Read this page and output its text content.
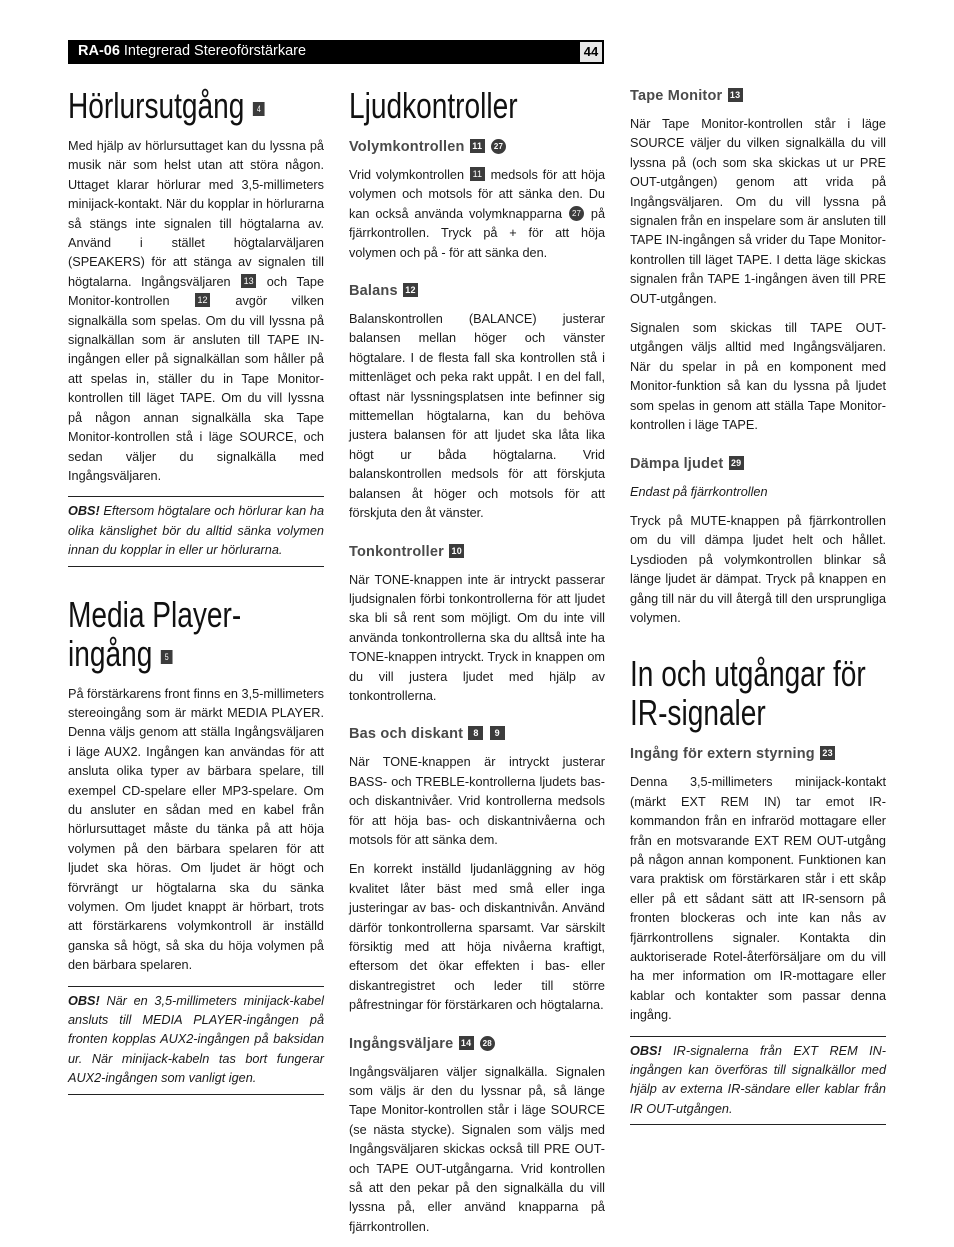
RA-06 Integrerad Stereoförstärkare	44
Hörlursutgång 4

Med hjälp av hörlursuttaget kan du lyssna på musik när som helst utan att störa någon. Uttaget klarar hörlurar med 3,5-millimeters minijack-kontakt. När du kopplar in hörlurarna så stängs inte signalen till högtalarna av. Använd i stället högtalarväljaren (SPEAKERS) för att stänga av signalen till högtalarna. Ingångsväljaren 13 och Tape Monitor-kontrollen	12 avgör vilken signalkälla som spelas. Om du vill lyssna på signalkällan som är ansluten till TAPE IN-ingången eller på signalkällan som håller på att spelas in, ställer du in Tape Monitor-kontrollen till läget TAPE. Om du vill lyssna på någon annan signalkälla ska Tape Monitor-kontrollen stå i läge SOURCE, och sedan väljer du signalkälla med Ingångsväljaren.

OBS! Eftersom högtalare och hörlurar kan ha olika känslighet bör du alltid sänka volymen innan du kopplar in eller ur hörlurarna.

Media Player-ingång 5

På förstärkarens front finns en 3,5-millimeters stereoingång som är märkt MEDIA PLAYER. Denna väljs genom att ställa Ingångsväljaren i läge AUX2. Ingången kan användas för att ansluta olika typer av bärbara spelare, till exempel CD-spelare eller MP3-spelare. Om du ansluter en sådan med en kabel från hörlursuttaget måste du tänka på att höja volymen på den bärbara spelaren för att ljudet ska höras. Om ljudet är högt och förvrängt ur högtalarna ska du sänka volymen. Om ljudet knappt är hörbart, trots att förstärkarens volymkontroll är inställd ganska så högt, så ska du höja volymen på den bärbara spelaren.

OBS! När en 3,5-millimeters minijack-kabel ansluts till MEDIA PLAYER-ingången på fronten kopplas AUX2-ingången på baksidan ur. När minijack-kabeln tas bort fungerar AUX2-ingången som vanligt igen.

Ljudkontroller
Volymkontrollen 11 27

Vrid volymkontrollen 11 medsols för att höja volymen och motsols för att sänka den. Du kan också använda volymknapparna 27 på fjärrkontrollen. Tryck på + för att höja volymen och på - för att sänka den.

Balans 12

Balanskontrollen (BALANCE) justerar balansen mellan höger och vänster högtalare. I de flesta fall ska kontrollen stå i mittenläget och peka rakt uppåt. I en del fall, oftast när lyssningsplatsen inte befinner sig mittemellan högtalarna, kan du behöva justera balansen för att ljudet ska låta lika högt ur båda högtalarna. Vrid balanskontrollen medsols för att förskjuta balansen åt höger och motsols för att förskjuta den åt vänster.

Tonkontroller 10

När TONE-knappen inte är intryckt passerar ljudsignalen förbi tonkontrollerna för att ljudet ska bli så rent som möjligt. Om du inte vill använda tonkontrollerna ska du alltså inte ha TONE-knappen intryckt. Tryck in knappen om du vill justera ljudet med hjälp av tonkontrollerna.

Bas och diskant 8 9

När TONE-knappen är intryckt justerar BASS- och TREBLE-kontrollerna ljudets bas- och diskantnivåer. Vrid kontrollerna medsols för att höja bas- och diskantnivåerna och motsols för att sänka dem.

En korrekt inställd ljudanläggning av hög kvalitet låter bäst med små eller inga justeringar av bas- och diskantnivån. Använd därför tonkontrollerna sparsamt. Var särskilt försiktig med att höja nivåerna kraftigt, eftersom det ökar effekten i bas- eller diskantregistret och leder till större påfrestningar för förstärkaren och högtalarna.

Ingångsväljare 14 28

Ingångsväljaren väljer signalkälla. Signalen som väljs är den du lyssnar på, så länge Tape Monitor-kontrollen står i läge SOURCE (se nästa stycke). Signalen som väljs med Ingångsväljaren skickas också till PRE OUT- och TAPE OUT-utgångarna. Vrid kontrollen så att den pekar på den signalkälla du vill lyssna på, eller använd knapparna på fjärrkontrollen.

Tape Monitor 13

När Tape Monitor-kontrollen står i läge SOURCE väljer du vilken signalkälla du vill lyssna på (och som ska skickas ut ur PRE OUT-utgången) genom att vrida på Ingångsväljaren. Om du vill lyssna på signalen från en inspelare som är ansluten till TAPE IN-ingången så vrider du Tape Monitor-kontrollen till läget TAPE. I detta läge skickas signalen från TAPE 1-ingången även till PRE OUT-utgången.

Signalen som skickas till TAPE OUT-utgången väljs alltid med Ingångsväljaren. När du spelar in på en komponent med Monitor-funktion så kan du lyssna på ljudet som spelas in genom att ställa Tape Monitor-kontrollen i läge TAPE.

Dämpa ljudet 29

Endast på fjärrkontrollen

Tryck på MUTE-knappen på fjärrkontrollen om du vill dämpa ljudet helt och hållet. Lysdioden på volymkontrollen blinkar så länge ljudet är dämpat. Tryck på knappen en gång till när du vill återgå till den ursprungliga volymen.

In och utgångar för IR-signaler
Ingång för extern styrning 23

Denna 3,5-millimeters minijack-kontakt (märkt EXT REM IN) tar emot IR-kommandon från en infraröd mottagare eller från en motsvarande EXT REM OUT-utgång på någon annan komponent. Funktionen kan vara praktisk om förstärkaren står i ett skåp eller på ett sådant sätt att IR-sensorn på fronten blockeras och inte kan nås av fjärrkontrollens signaler. Kontakta din auktoriserade Rotel-återförsäljare om du vill ha mer information om IR-mottagare eller kablar och kontakter som passar denna ingång.

OBS! IR-signalerna från EXT REM IN-ingången kan överföras till signalkällor med hjälp av externa IR-sändare eller kablar från IR OUT-utgången.
